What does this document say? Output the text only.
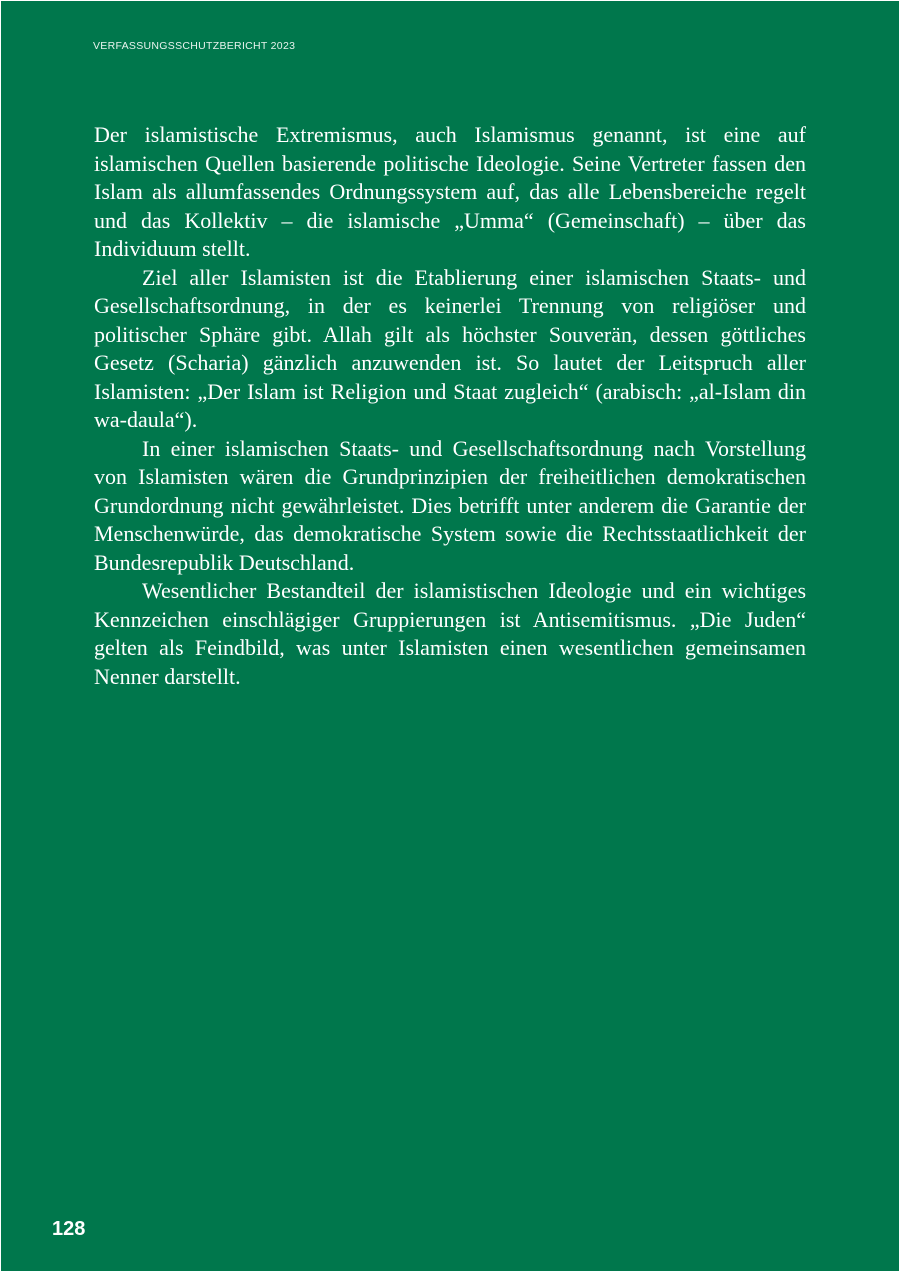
VERFASSUNGSSCHUTZBERICHT 2023

Der islamistische Extremismus, auch Islamismus genannt, ist eine auf islamischen Quellen basierende politische Ideologie. Seine Vertreter fassen den Islam als allumfassendes Ordnungssystem auf, das alle Lebensbereiche regelt und das Kollektiv – die islamische „Umma“ (Gemeinschaft) – über das Individuum stellt.

Ziel aller Islamisten ist die Etablierung einer islamischen Staats- und Gesellschaftsordnung, in der es keinerlei Trennung von religiöser und politischer Sphäre gibt. Allah gilt als höchster Souverän, dessen göttliches Gesetz (Scharia) gänzlich anzuwenden ist. So lautet der Leitspruch aller Islamisten: „Der Islam ist Religion und Staat zugleich“ (arabisch: „al-Islam din wa-daula“).

In einer islamischen Staats- und Gesellschaftsordnung nach Vorstellung von Islamisten wären die Grundprinzipien der freiheitlichen demokratischen Grundordnung nicht gewährleistet. Dies betrifft unter anderem die Garantie der Menschenwürde, das demokratische System sowie die Rechtsstaatlichkeit der Bundesrepublik Deutschland.

Wesentlicher Bestandteil der islamistischen Ideologie und ein wichtiges Kennzeichen einschlägiger Gruppierungen ist Antisemitismus. „Die Juden“ gelten als Feindbild, was unter Islamisten einen wesentlichen gemeinsamen Nenner darstellt.

128
